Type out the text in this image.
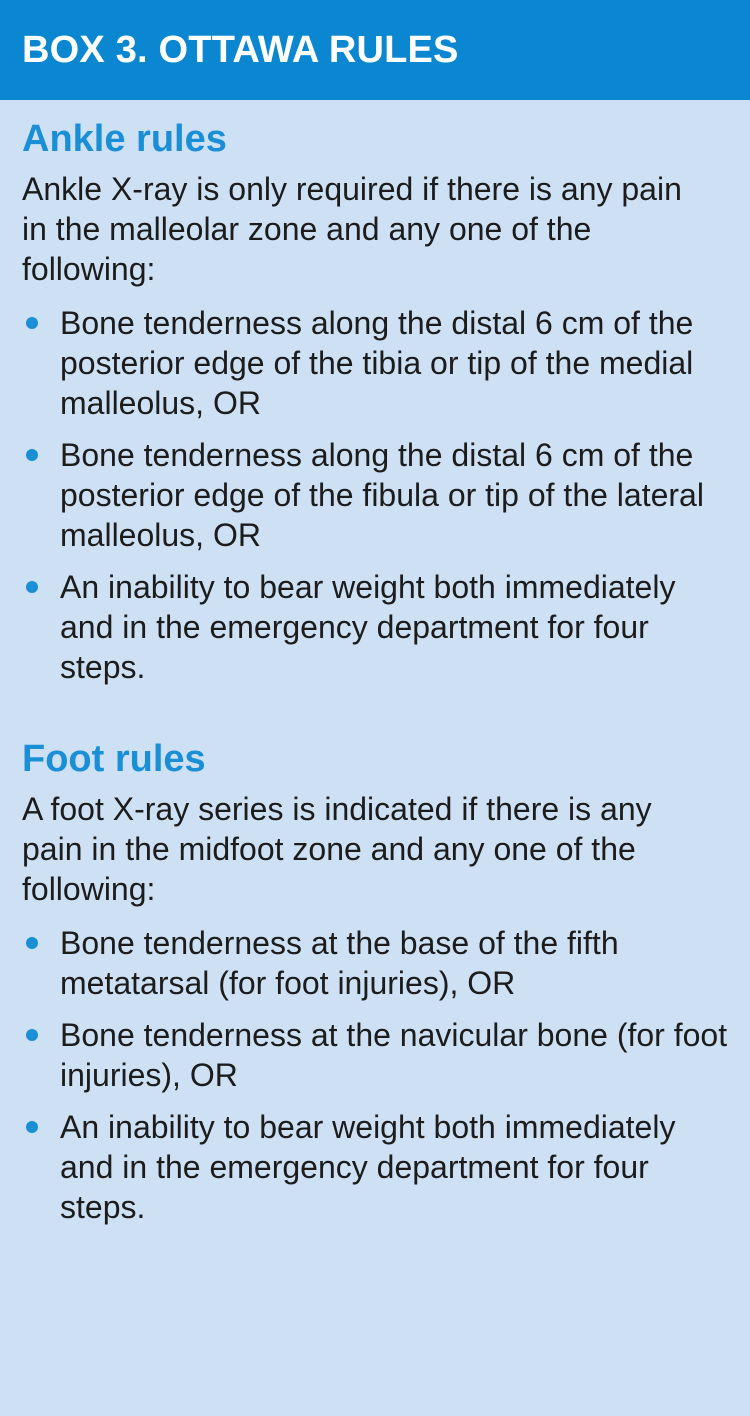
BOX 3. OTTAWA RULES
Ankle rules

Ankle X-ray is only required if there is any pain in the malleolar zone and any one of the following:

Bone tenderness along the distal 6 cm of the posterior edge of the tibia or tip of the medial malleolus, OR
Bone tenderness along the distal 6 cm of the posterior edge of the fibula or tip of the lateral malleolus, OR
An inability to bear weight both immediately and in the emergency department for four steps.
Foot rules

A foot X-ray series is indicated if there is any pain in the midfoot zone and any one of the following:

Bone tenderness at the base of the fifth metatarsal (for foot injuries), OR
Bone tenderness at the navicular bone (for foot injuries), OR
An inability to bear weight both immediately and in the emergency department for four steps.
